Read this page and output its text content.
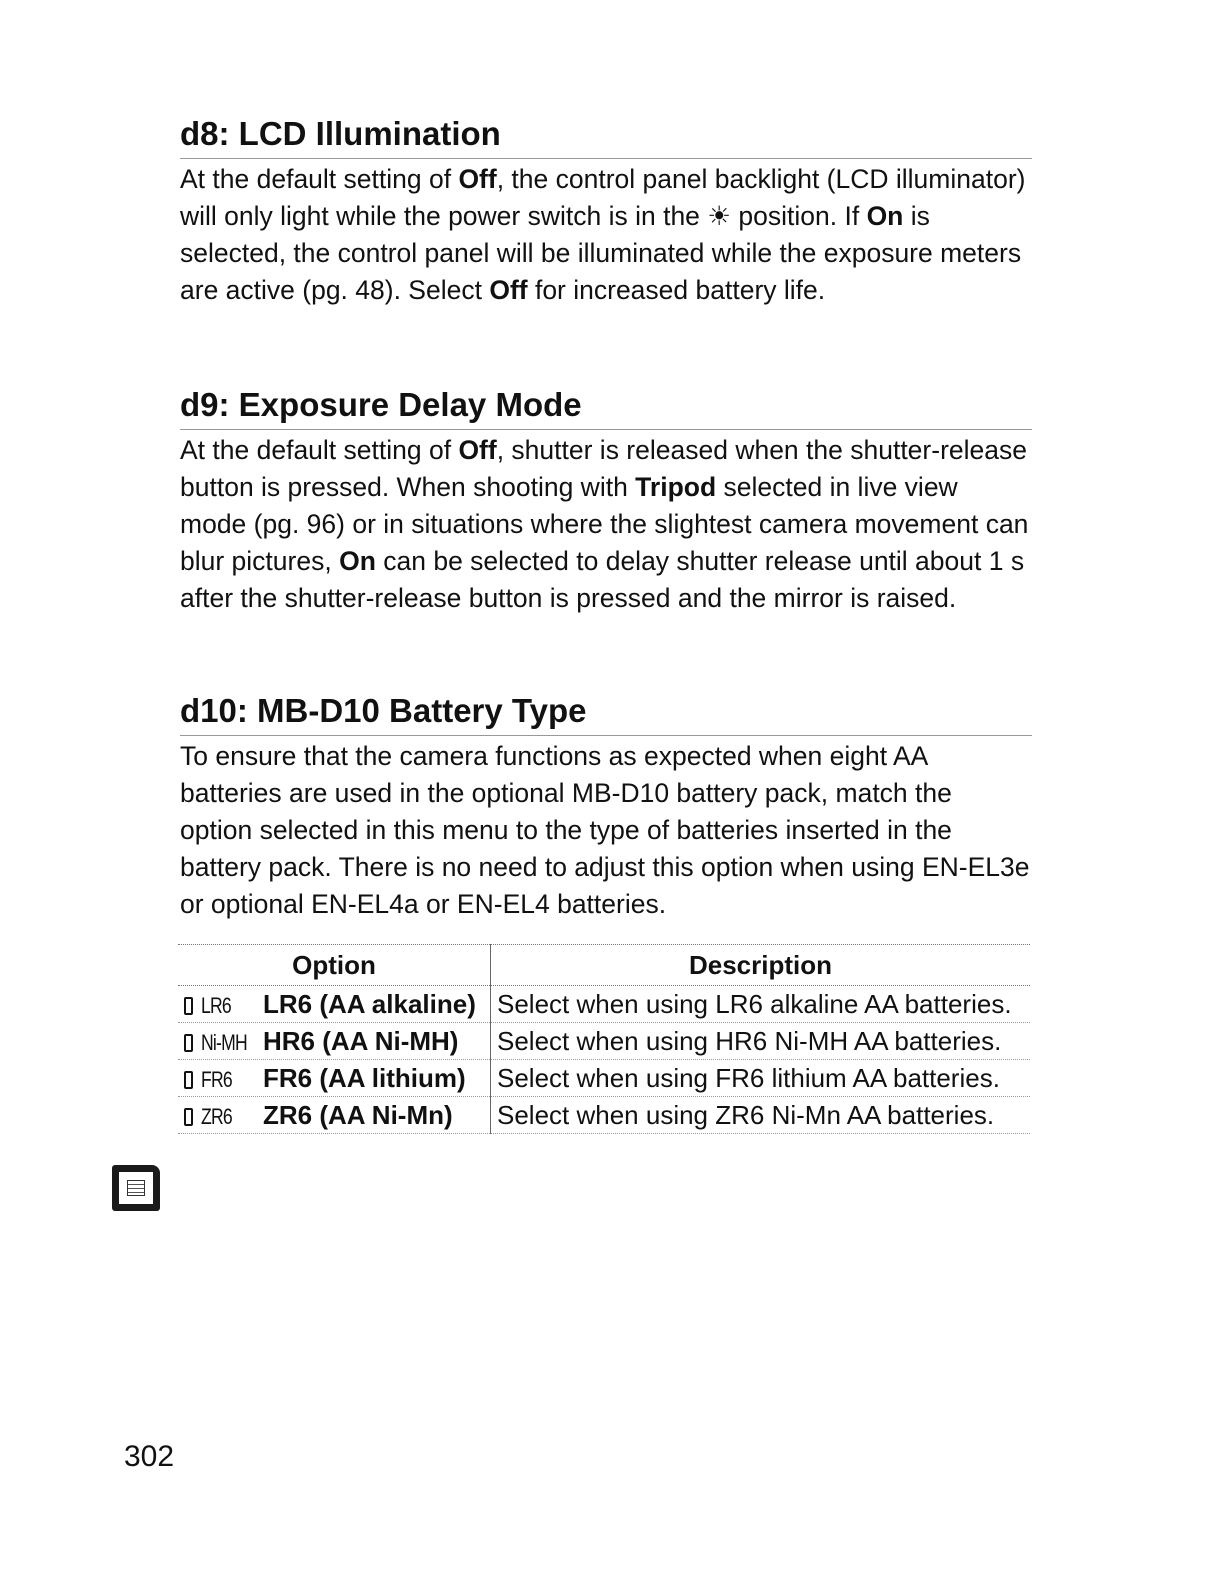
d8: LCD Illumination

At the default setting of Off, the control panel backlight (LCD illuminator) will only light while the power switch is in the ☀ position. If On is selected, the control panel will be illuminated while the exposure meters are active (pg. 48). Select Off for increased battery life.

d9: Exposure Delay Mode

At the default setting of Off, shutter is released when the shutter-release button is pressed. When shooting with Tripod selected in live view mode (pg. 96) or in situations where the slightest camera movement can blur pictures, On can be selected to delay shutter release until about 1 s after the shutter-release button is pressed and the mirror is raised.

d10: MB-D10 Battery Type

To ensure that the camera functions as expected when eight AA batteries are used in the optional MB-D10 battery pack, match the option selected in this menu to the type of batteries inserted in the battery pack. There is no need to adjust this option when using EN-EL3e or optional EN-EL4a or EN-EL4 batteries.

Option	Description
LR6 LR6 (AA alkaline)	Select when using LR6 alkaline AA batteries.
Ni-MH HR6 (AA Ni-MH)	Select when using HR6 Ni-MH AA batteries.
FR6 FR6 (AA lithium)	Select when using FR6 lithium AA batteries.
ZR6 ZR6 (AA Ni-Mn)	Select when using ZR6 Ni-Mn AA batteries.
302
